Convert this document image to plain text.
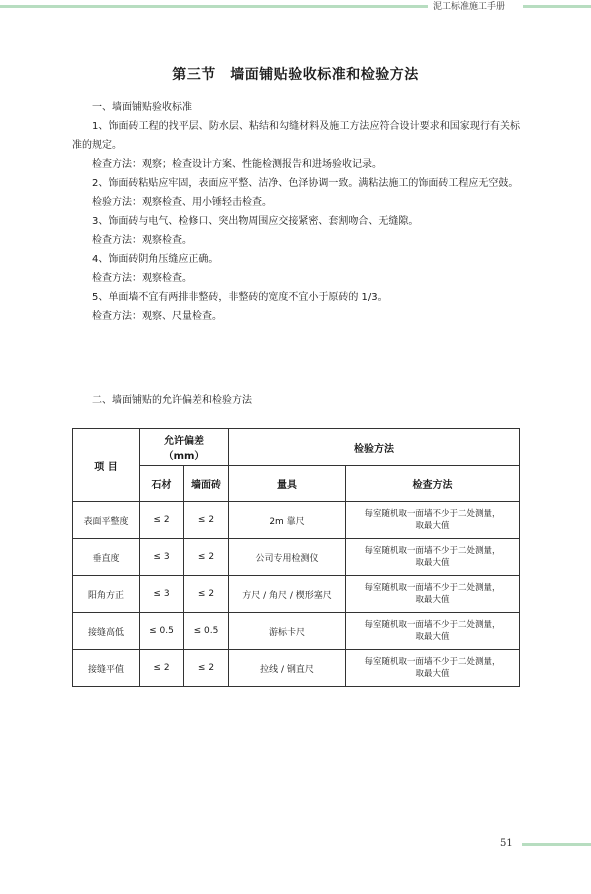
泥工标准施工手册
第三节　墙面铺贴验收标准和检验方法

一、墙面铺贴验收标准

1、饰面砖工程的找平层、防水层、粘结和勾缝材料及施工方法应符合设计要求和国家现行有关标准的规定。

检查方法：观察；检查设计方案、性能检测报告和进场验收记录。

2、饰面砖粘贴应牢固，表面应平整、洁净、色泽协调一致。满粘法施工的饰面砖工程应无空鼓。

检验方法：观察检查、用小锤轻击检查。

3、饰面砖与电气、检修口、突出物周围应交接紧密、套割吻合、无缝隙。

检查方法：观察检查。

4、饰面砖阴角压缝应正确。

检查方法：观察检查。

5、单面墙不宜有两排非整砖，非整砖的宽度不宜小于原砖的 1/3。

检查方法：观察、尺量检查。

二、墙面铺贴的允许偏差和检验方法

项 目	允许偏差
（mm）		检验方法	
	石材	墙面砖	量具	检查方法
表面平整度	≤ 2	≤ 2	2m 靠尺	每室随机取一面墙不少于二处测量，
取最大值

垂直度	≤ 3	≤ 2	公司专用检测仪	每室随机取一面墙不少于二处测量，
取最大值

阳角方正	≤ 3	≤ 2	方尺 / 角尺 / 楔形塞尺	每室随机取一面墙不少于二处测量，
取最大值

接缝高低	≤ 0.5	≤ 0.5	游标卡尺	每室随机取一面墙不少于二处测量，
取最大值

接缝平值	≤ 2	≤ 2	拉线 / 钢直尺	每室随机取一面墙不少于二处测量，
取最大值
51
